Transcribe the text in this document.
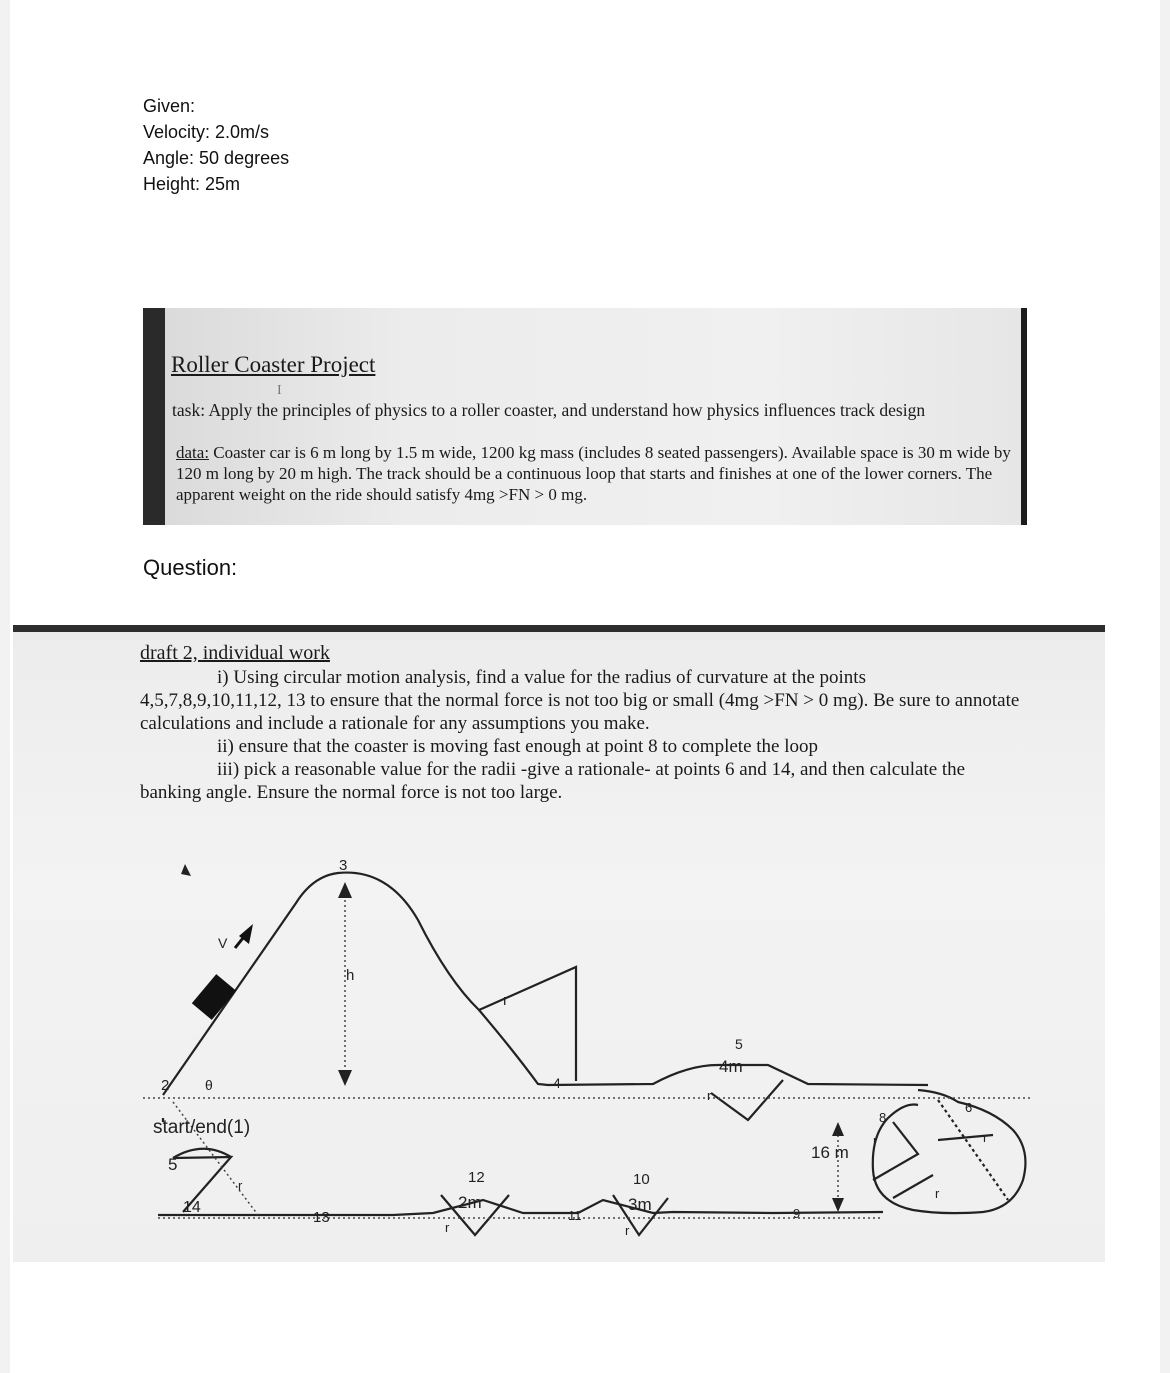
Given:
Velocity: 2.0m/s
Angle: 50 degrees
Height: 25m
Roller Coaster Project
I
task: Apply the principles of physics to a roller coaster, and understand how physics influences track design
data: Coaster car is 6 m long by 1.5 m wide, 1200 kg mass (includes 8 seated passengers). Available space is 30 m wide by 120 m long by 20 m high. The track should be a continuous loop that starts and finishes at one of the lower corners. The apparent weight on the ride should satisfy 4mg >FN > 0 mg.
Question:
draft 2, individual work
i) Using circular motion analysis, find a value for the radius of curvature at the points
4,5,7,8,9,10,11,12, 13 to ensure that the normal force is not too big or small (4mg >FN > 0 mg). Be sure to annotate calculations and include a rationale for any assumptions you make.
ii) ensure that the coaster is moving fast enough at point 8 to complete the loop
iii) pick a reasonable value for the radii -give a rationale- at points 6 and 14, and then calculate the
banking angle. Ensure the normal force is not too large.
3
V
h
r
2	θ	4
5
4m
r
start/end(1)
5
14
r
13
12
2m
r
11
10
3m
r
9
16 m
8
r
6
r
r
